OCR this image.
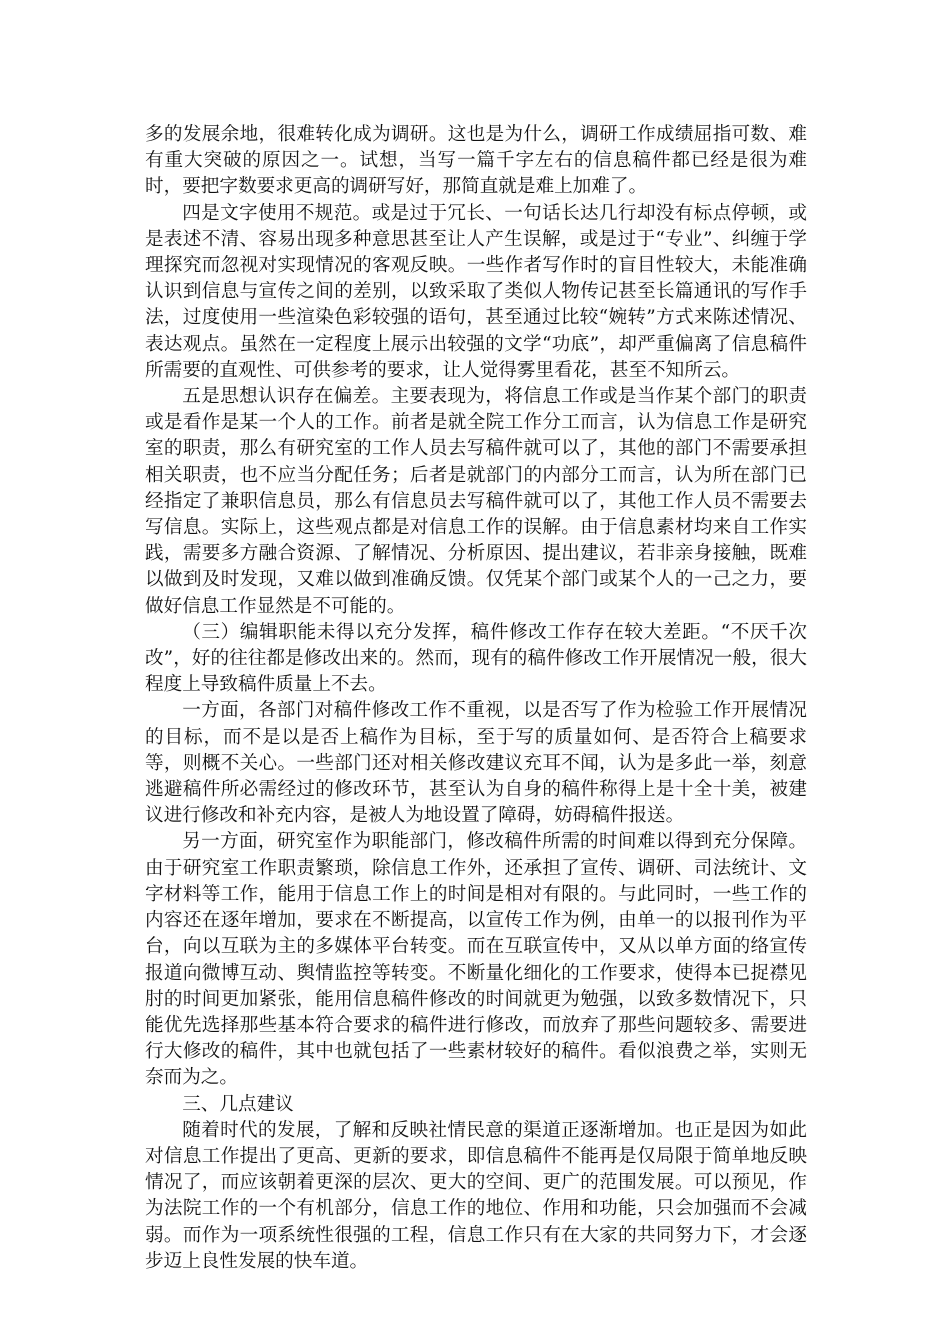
多的发展余地，很难转化成为调研。这也是为什么，调研工作成绩屈指可数、难有重大突破的原因之一。试想，当写一篇千字左右的信息稿件都已经是很为难时，要把字数要求更高的调研写好，那简直就是难上加难了。

四是文字使用不规范。或是过于冗长、一句话长达几行却没有标点停顿，或是表述不清、容易出现多种意思甚至让人产生误解，或是过于“专业”、纠缠于学理探究而忽视对实现情况的客观反映。一些作者写作时的盲目性较大，未能准确认识到信息与宣传之间的差别，以致采取了类似人物传记甚至长篇通讯的写作手法，过度使用一些渲染色彩较强的语句，甚至通过比较“婉转”方式来陈述情况、表达观点。虽然在一定程度上展示出较强的文学“功底”，却严重偏离了信息稿件所需要的直观性、可供参考的要求，让人觉得雾里看花，甚至不知所云。

五是思想认识存在偏差。主要表现为，将信息工作或是当作某个部门的职责或是看作是某一个人的工作。前者是就全院工作分工而言，认为信息工作是研究室的职责，那么有研究室的工作人员去写稿件就可以了，其他的部门不需要承担相关职责，也不应当分配任务；后者是就部门的内部分工而言，认为所在部门已经指定了兼职信息员，那么有信息员去写稿件就可以了，其他工作人员不需要去写信息。实际上，这些观点都是对信息工作的误解。由于信息素材均来自工作实践，需要多方融合资源、了解情况、分析原因、提出建议，若非亲身接触，既难以做到及时发现，又难以做到准确反馈。仅凭某个部门或某个人的一己之力，要做好信息工作显然是不可能的。

（三）编辑职能未得以充分发挥，稿件修改工作存在较大差距。“不厌千次改”，好的往往都是修改出来的。然而，现有的稿件修改工作开展情况一般，很大程度上导致稿件质量上不去。

一方面，各部门对稿件修改工作不重视，以是否写了作为检验工作开展情况的目标，而不是以是否上稿作为目标，至于写的质量如何、是否符合上稿要求等，则概不关心。一些部门还对相关修改建议充耳不闻，认为是多此一举，刻意逃避稿件所必需经过的修改环节，甚至认为自身的稿件称得上是十全十美，被建议进行修改和补充内容，是被人为地设置了障碍，妨碍稿件报送。

另一方面，研究室作为职能部门，修改稿件所需的时间难以得到充分保障。由于研究室工作职责繁琐，除信息工作外，还承担了宣传、调研、司法统计、文字材料等工作，能用于信息工作上的时间是相对有限的。与此同时，一些工作的内容还在逐年增加，要求在不断提高，以宣传工作为例，由单一的以报刊作为平台，向以互联为主的多媒体平台转变。而在互联宣传中，又从以单方面的络宣传报道向微博互动、舆情监控等转变。不断量化细化的工作要求，使得本已捉襟见肘的时间更加紧张，能用信息稿件修改的时间就更为勉强，以致多数情况下，只能优先选择那些基本符合要求的稿件进行修改，而放弃了那些问题较多、需要进行大修改的稿件，其中也就包括了一些素材较好的稿件。看似浪费之举，实则无奈而为之。

三、几点建议

随着时代的发展，了解和反映社情民意的渠道正逐渐增加。也正是因为如此对信息工作提出了更高、更新的要求，即信息稿件不能再是仅局限于简单地反映情况了，而应该朝着更深的层次、更大的空间、更广的范围发展。可以预见，作为法院工作的一个有机部分，信息工作的地位、作用和功能，只会加强而不会减弱。而作为一项系统性很强的工程，信息工作只有在大家的共同努力下，才会逐步迈上良性发展的快车道。
